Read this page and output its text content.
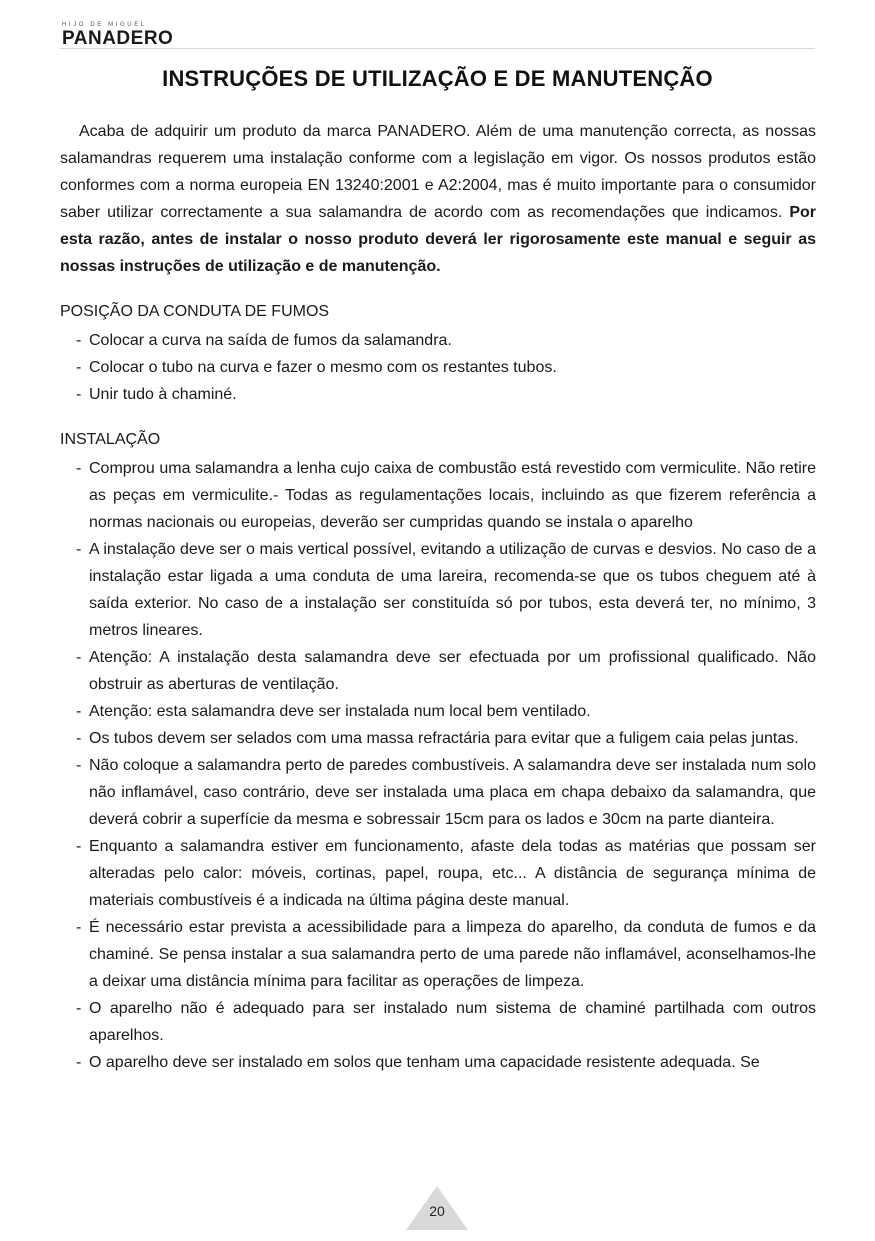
HIJO DE MIGUEL
PANADERO
INSTRUÇÕES DE UTILIZAÇÃO E DE MANUTENÇÃO

Acaba de adquirir um produto da marca PANADERO. Além de uma manutenção correcta, as nossas salamandras requerem uma instalação conforme com a legislação em vigor. Os nossos produtos estão conformes com a norma europeia EN 13240:2001 e A2:2004, mas é muito importante para o consumidor saber utilizar correctamente a sua salamandra de acordo com as recomendações que indicamos. Por esta razão, antes de instalar o nosso produto deverá ler rigorosamente este manual e seguir as nossas instruções de utilização e de manutenção.

POSIÇÃO DA CONDUTA DE FUMOS
- Colocar a curva na saída de fumos da salamandra.
- Colocar o tubo na curva e fazer o mesmo com os restantes tubos.
- Unir tudo à chaminé.
INSTALAÇÃO
- Comprou uma salamandra a lenha cujo caixa de combustão está revestido com vermiculite. Não retire as peças em vermiculite.- Todas as regulamentações locais, incluindo as que fizerem referência a normas nacionais ou europeias, deverão ser cumpridas quando se instala o aparelho
- A instalação deve ser o mais vertical possível, evitando a utilização de curvas e desvios. No caso de a instalação estar ligada a uma conduta de uma lareira, recomenda-se que os tubos cheguem até à saída exterior. No caso de a instalação ser constituída só por tubos, esta deverá ter, no mínimo, 3 metros lineares.
- Atenção: A instalação desta salamandra deve ser efectuada por um profissional qualificado. Não obstruir as aberturas de ventilação.
- Atenção: esta salamandra deve ser instalada num local bem ventilado.
- Os tubos devem ser selados com uma massa refractária para evitar que a fuligem caia pelas juntas.
- Não coloque a salamandra perto de paredes combustíveis. A salamandra deve ser instalada num solo não inflamável, caso contrário, deve ser instalada uma placa em chapa debaixo da salamandra, que deverá cobrir a superfície da mesma e sobressair 15cm para os lados e 30cm na parte dianteira.
- Enquanto a salamandra estiver em funcionamento, afaste dela todas as matérias que possam ser alteradas pelo calor: móveis, cortinas, papel, roupa, etc... A distância de segurança mínima de materiais combustíveis é a indicada na última página deste manual.
- É necessário estar prevista a acessibilidade para a limpeza do aparelho, da conduta de fumos e da chaminé. Se pensa instalar a sua salamandra perto de uma parede não inflamável, aconselhamos-lhe a deixar uma distância mínima para facilitar as operações de limpeza.
- O aparelho não é adequado para ser instalado num sistema de chaminé partilhada com outros aparelhos.
- O aparelho deve ser instalado em solos que tenham uma capacidade resistente adequada. Se
20
